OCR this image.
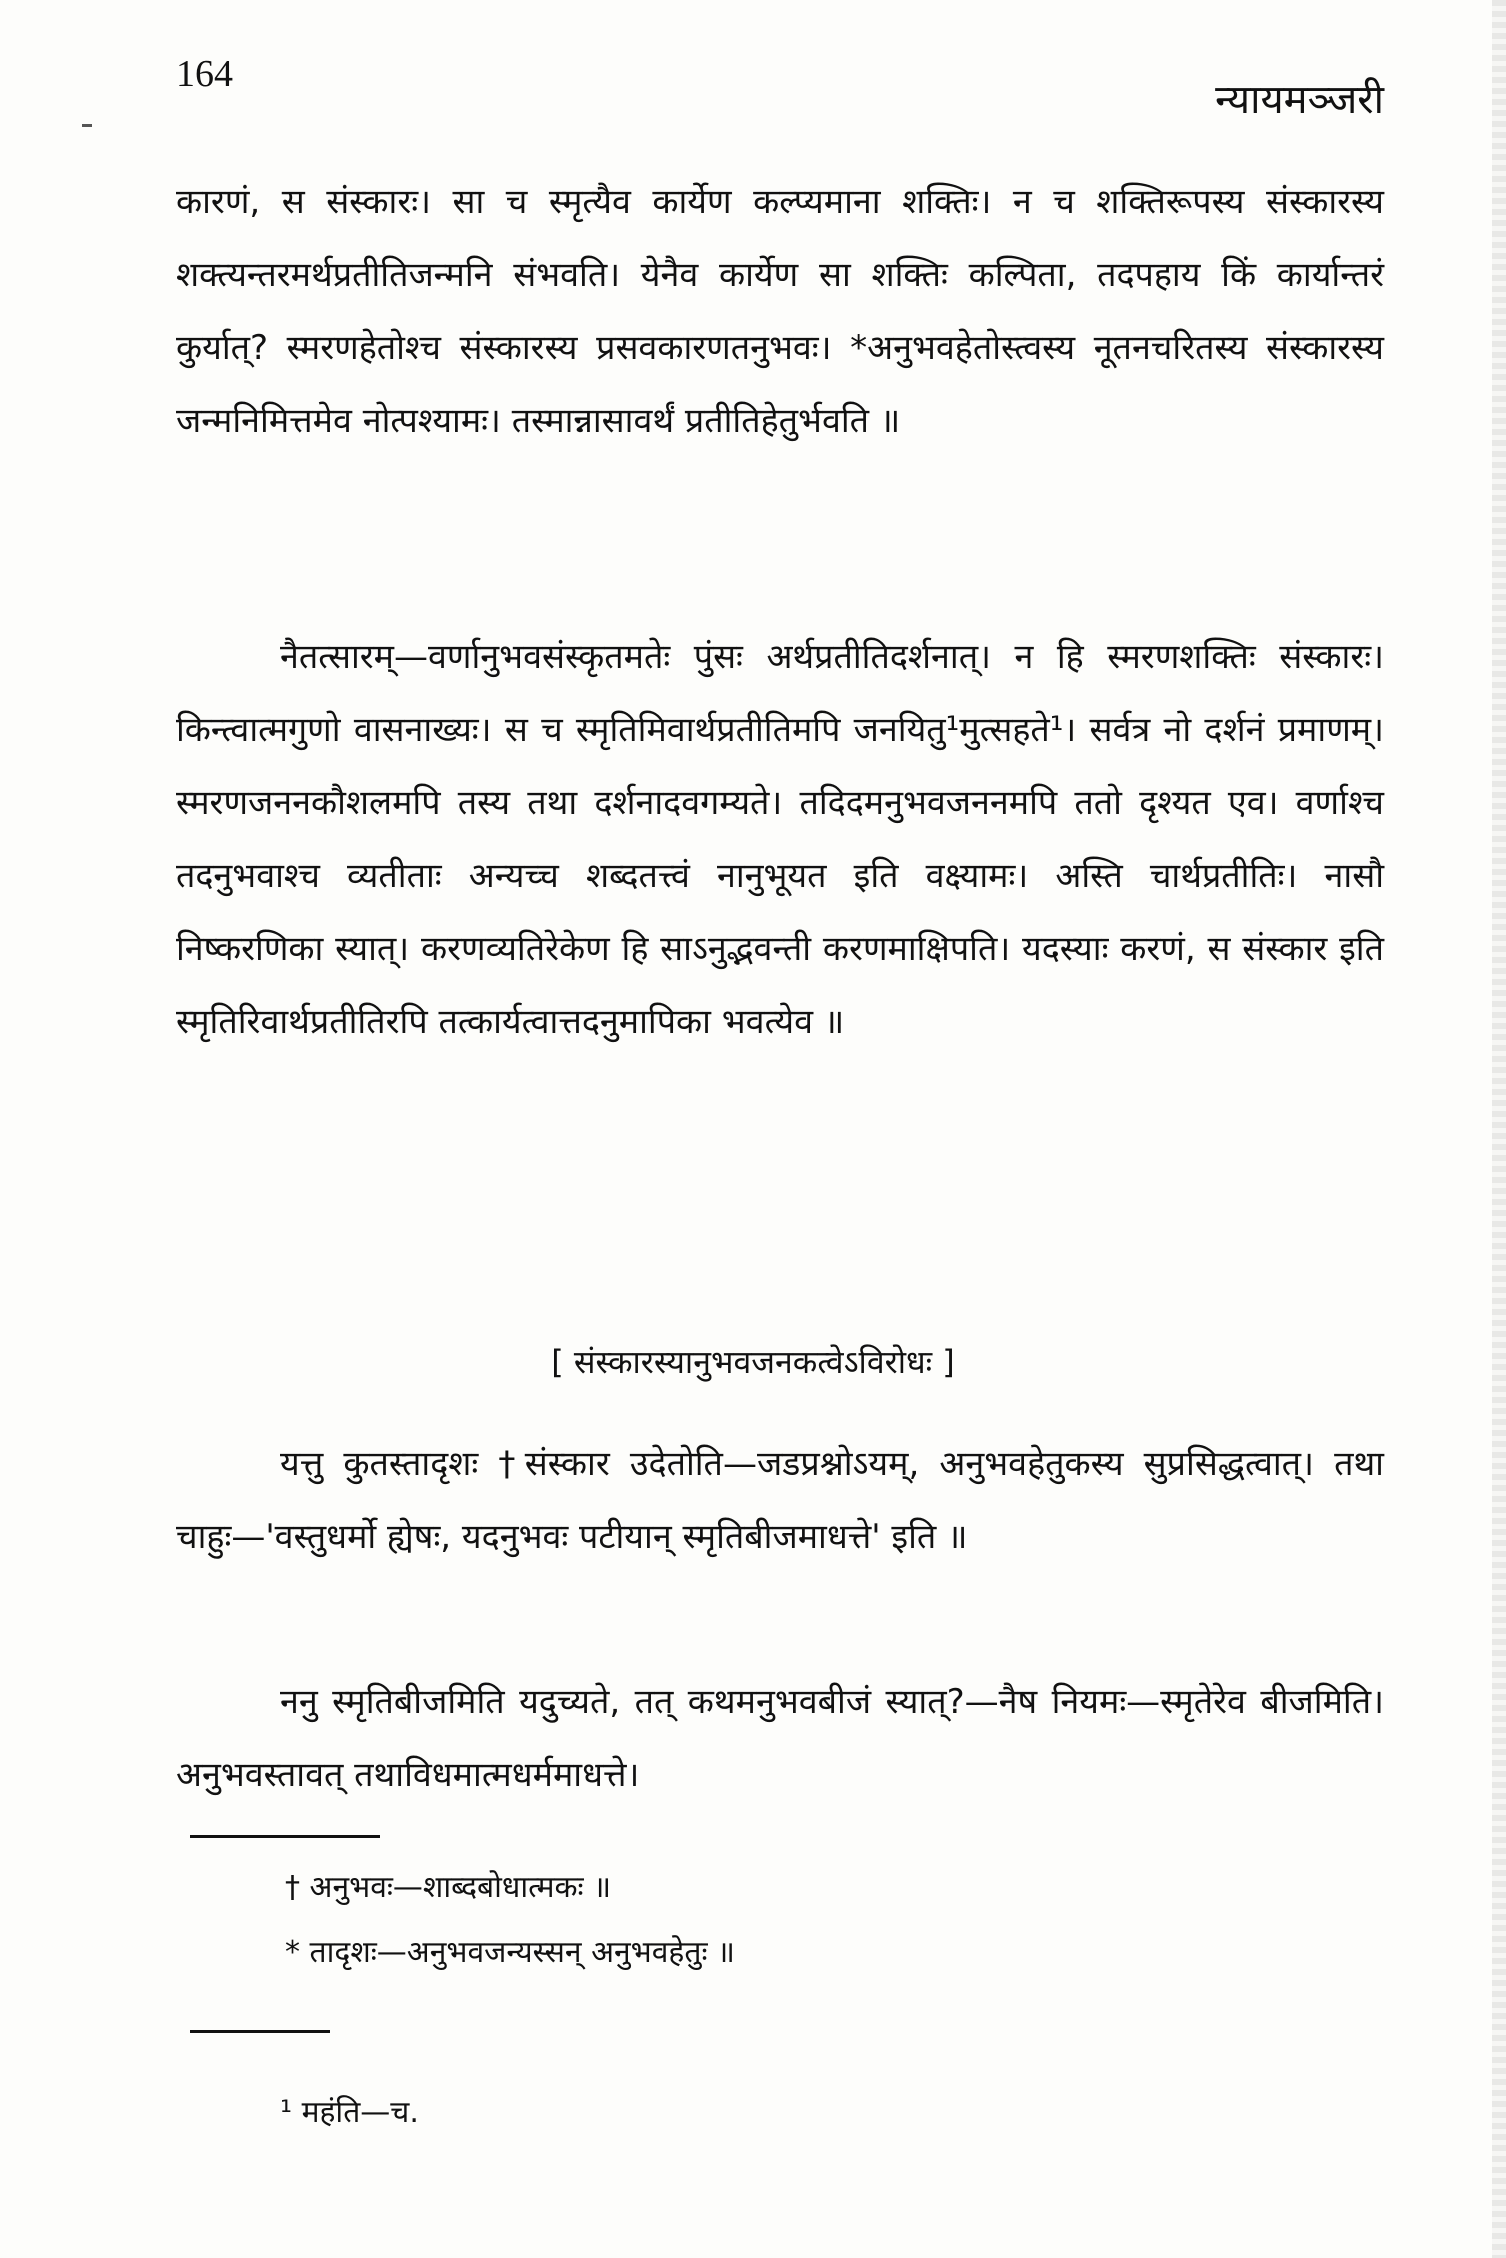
164
न्यायमञ्जरी

कारणं, स संस्कारः। सा च स्मृत्यैव कार्येण कल्प्यमाना शक्तिः। न च शक्तिरूपस्य संस्कारस्य शक्त्यन्तरमर्थप्रतीतिजन्मनि संभवति। येनैव कार्येण सा शक्तिः कल्पिता, तदपहाय किं कार्यान्तरं कुर्यात्? स्मरणहेतोश्च संस्कारस्य प्रसवकारणतनुभवः। *अनुभवहेतोस्त्वस्य नूतनचरितस्य संस्कारस्य जन्मनिमित्तमेव नोत्पश्यामः। तस्मान्नासावर्थं प्रतीतिहेतुर्भवति ॥

नैतत्सारम्—वर्णानुभवसंस्कृतमतेः पुंसः अर्थप्रतीतिदर्शनात्। न हि स्मरणशक्तिः संस्कारः। किन्त्वात्मगुणो वासनाख्यः। स च स्मृतिमिवार्थप्रतीतिमपि जनयितु¹मुत्सहते¹। सर्वत्र नो दर्शनं प्रमाणम्। स्मरणजननकौशलमपि तस्य तथा दर्शनादवगम्यते। तदिदमनुभवजननमपि ततो दृश्यत एव। वर्णाश्च तदनुभवाश्च व्यतीताः अन्यच्च शब्दतत्त्वं नानुभूयत इति वक्ष्यामः। अस्ति चार्थप्रतीतिः। नासौ निष्करणिका स्यात्। करणव्यतिरेकेण हि साऽनुद्भवन्ती करणमाक्षिपति। यदस्याः करणं, स संस्कार इति स्मृतिरिवार्थप्रतीतिरपि तत्कार्यत्वात्तदनुमापिका भवत्येव ॥

[ संस्कारस्यानुभवजनकत्वेऽविरोधः ]

यत्तु कुतस्तादृशः †संस्कार उदेतोति—जडप्रश्नोऽयम्, अनुभवहेतुकस्य सुप्रसिद्धत्वात्। तथा चाहुः—'वस्तुधर्मो ह्येषः, यदनुभवः पटीयान् स्मृतिबीजमाधत्ते' इति ॥

ननु स्मृतिबीजमिति यदुच्यते, तत् कथमनुभवबीजं स्यात्?—नैष नियमः—स्मृतेरेव बीजमिति। अनुभवस्तावत् तथाविधमात्मधर्ममाधत्ते।

† अनुभवः—शाब्दबोधात्मकः ॥
* तादृशः—अनुभवजन्यस्सन् अनुभवहेतुः ॥
¹ महंति—च.
